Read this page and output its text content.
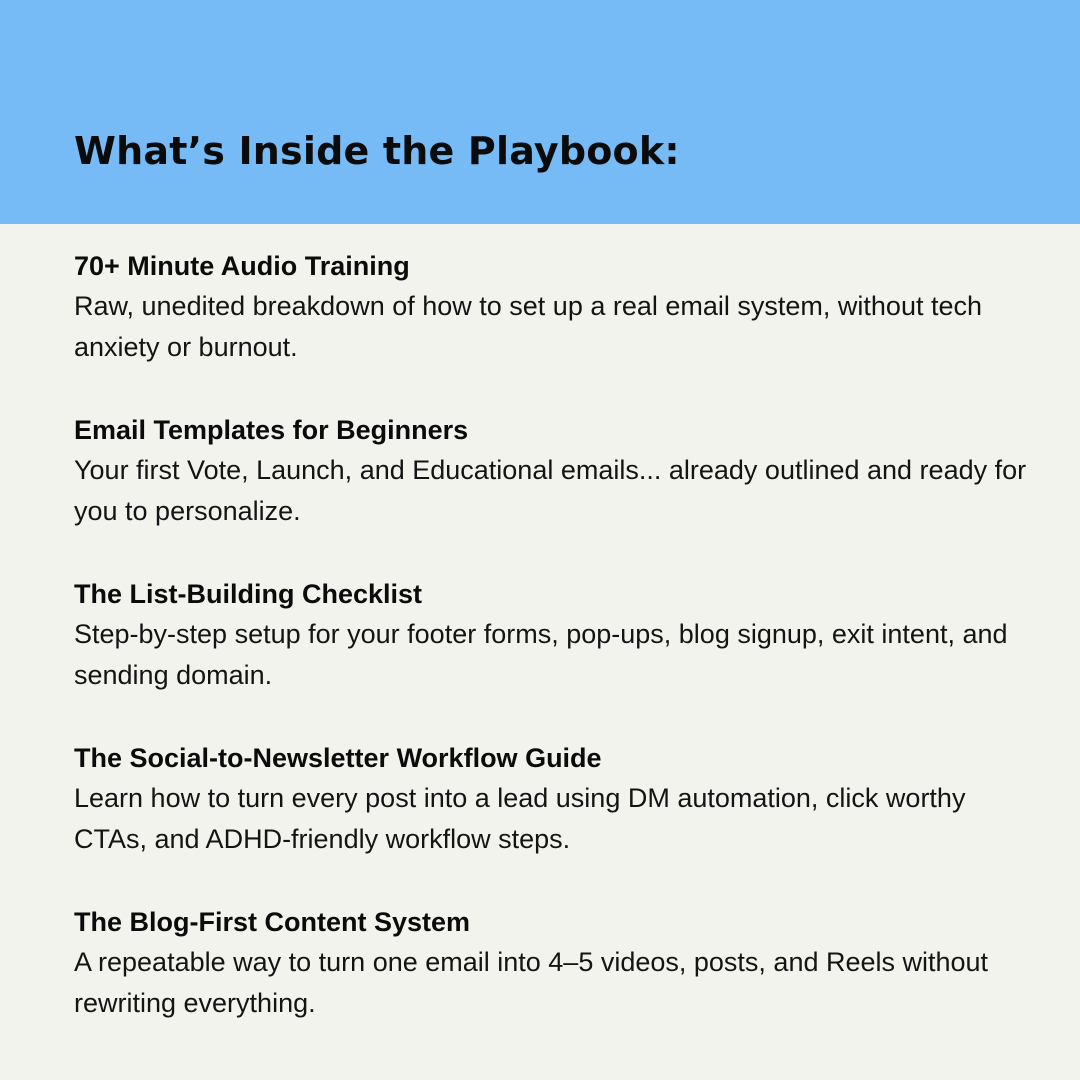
What’s Inside the Playbook:
70+ Minute Audio Training

Raw, unedited breakdown of how to set up a real email system, without tech anxiety or burnout.

Email Templates for Beginners

Your first Vote, Launch, and Educational emails... already outlined and ready for you to personalize.

The List-Building Checklist

Step-by-step setup for your footer forms, pop-ups, blog signup, exit intent, and sending domain.

The Social-to-Newsletter Workflow Guide

Learn how to turn every post into a lead using DM automation, click worthy CTAs, and ADHD-friendly workflow steps.

The Blog-First Content System

A repeatable way to turn one email into 4–5 videos, posts, and Reels without rewriting everything.
